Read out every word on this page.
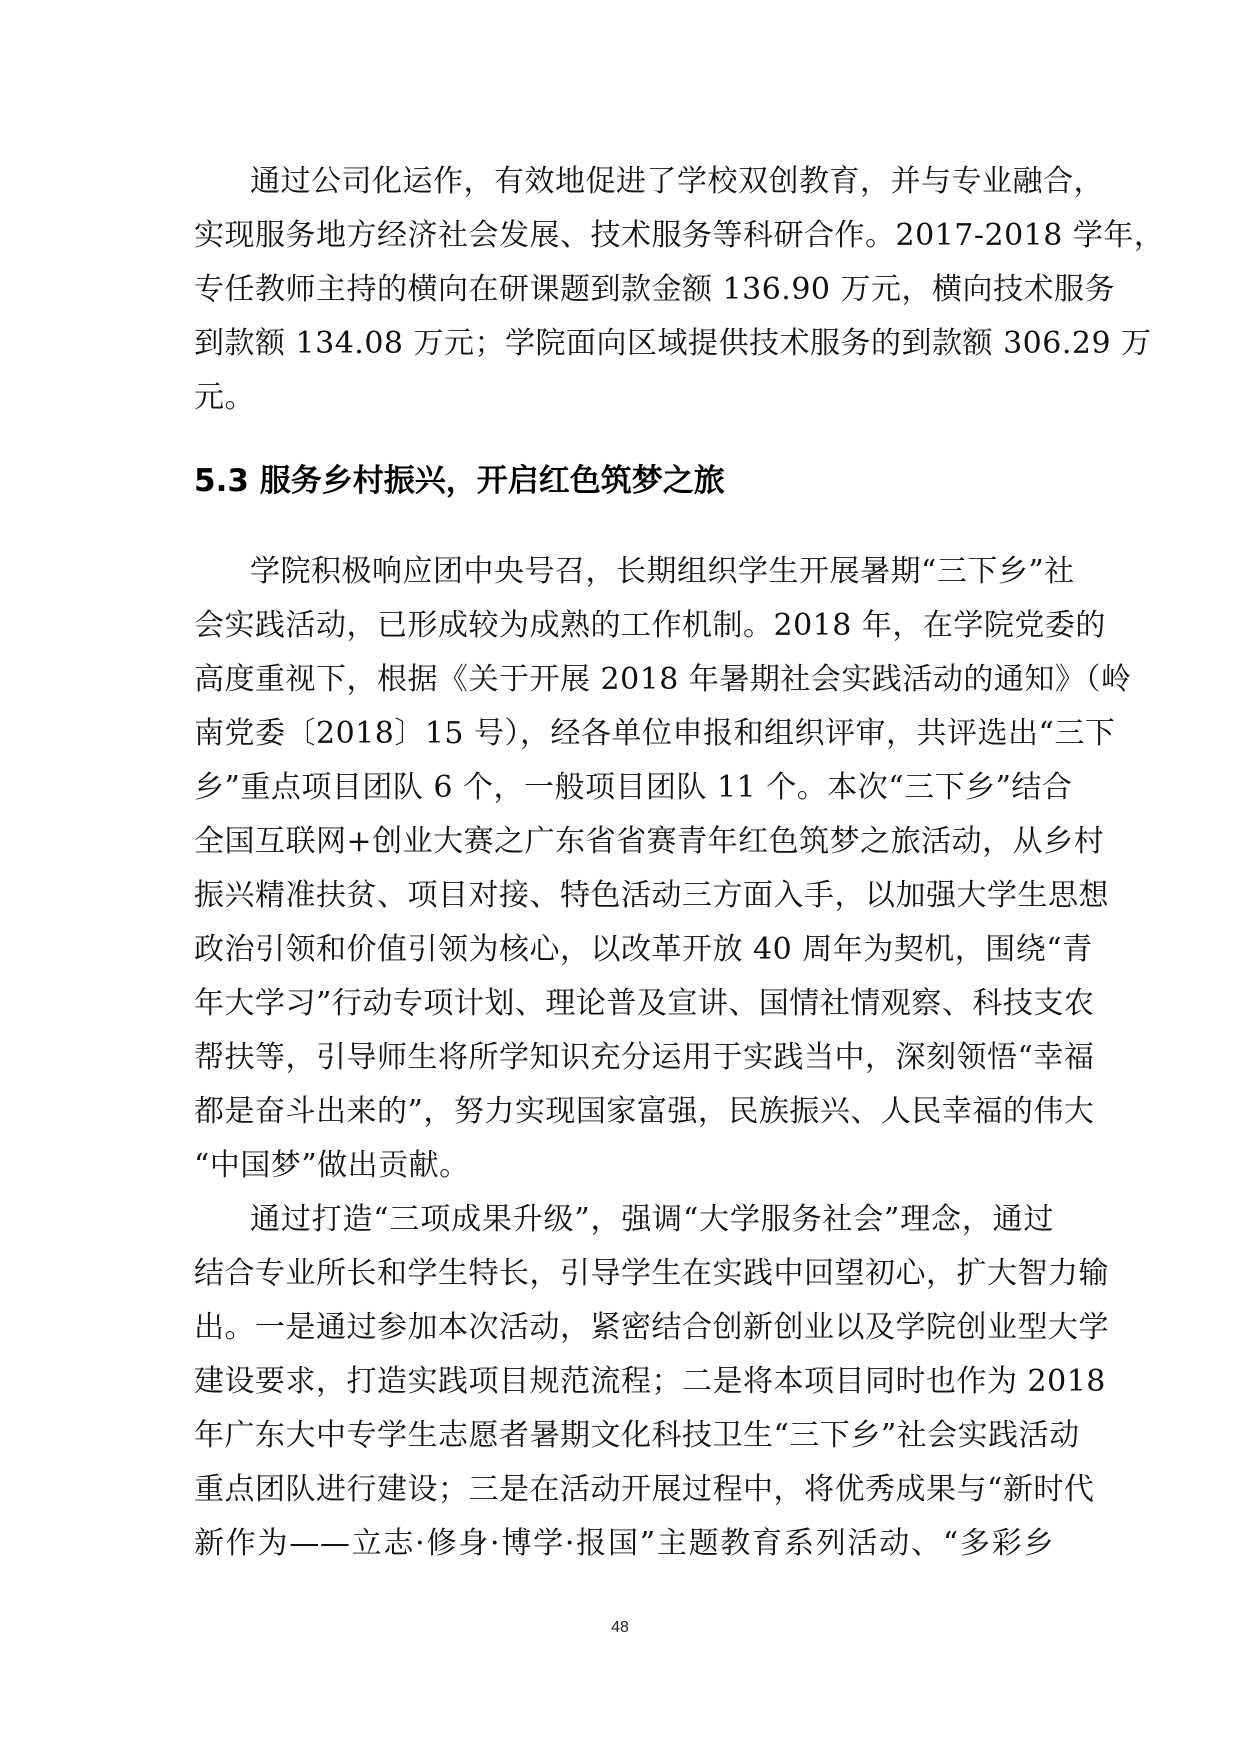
通过公司化运作，有效地促进了学校双创教育，并与专业融合，
实现服务地方经济社会发展、技术服务等科研合作。2017-2018 学年，
专任教师主持的横向在研课题到款金额 136.90 万元，横向技术服务
到款额 134.08 万元；学院面向区域提供技术服务的到款额 306.29 万
元。
5.3 服务乡村振兴，开启红色筑梦之旅
学院积极响应团中央号召，长期组织学生开展暑期“三下乡”社
会实践活动，已形成较为成熟的工作机制。2018 年，在学院党委的
高度重视下，根据《关于开展 2018 年暑期社会实践活动的通知》（岭
南党委〔2018〕15 号），经各单位申报和组织评审，共评选出“三下
乡”重点项目团队 6 个，一般项目团队 11 个。本次“三下乡”结合
全国互联网+创业大赛之广东省省赛青年红色筑梦之旅活动，从乡村
振兴精准扶贫、项目对接、特色活动三方面入手，以加强大学生思想
政治引领和价值引领为核心，以改革开放 40 周年为契机，围绕“青
年大学习”行动专项计划、理论普及宣讲、国情社情观察、科技支农
帮扶等，引导师生将所学知识充分运用于实践当中，深刻领悟“幸福
都是奋斗出来的”，努力实现国家富强，民族振兴、人民幸福的伟大
“中国梦”做出贡献。
通过打造“三项成果升级”，强调“大学服务社会”理念，通过
结合专业所长和学生特长，引导学生在实践中回望初心，扩大智力输
出。一是通过参加本次活动，紧密结合创新创业以及学院创业型大学
建设要求，打造实践项目规范流程；二是将本项目同时也作为 2018
年广东大中专学生志愿者暑期文化科技卫生“三下乡”社会实践活动
重点团队进行建设；三是在活动开展过程中，将优秀成果与“新时代
新作为——立志·修身·博学·报国”主题教育系列活动、“多彩乡
48
